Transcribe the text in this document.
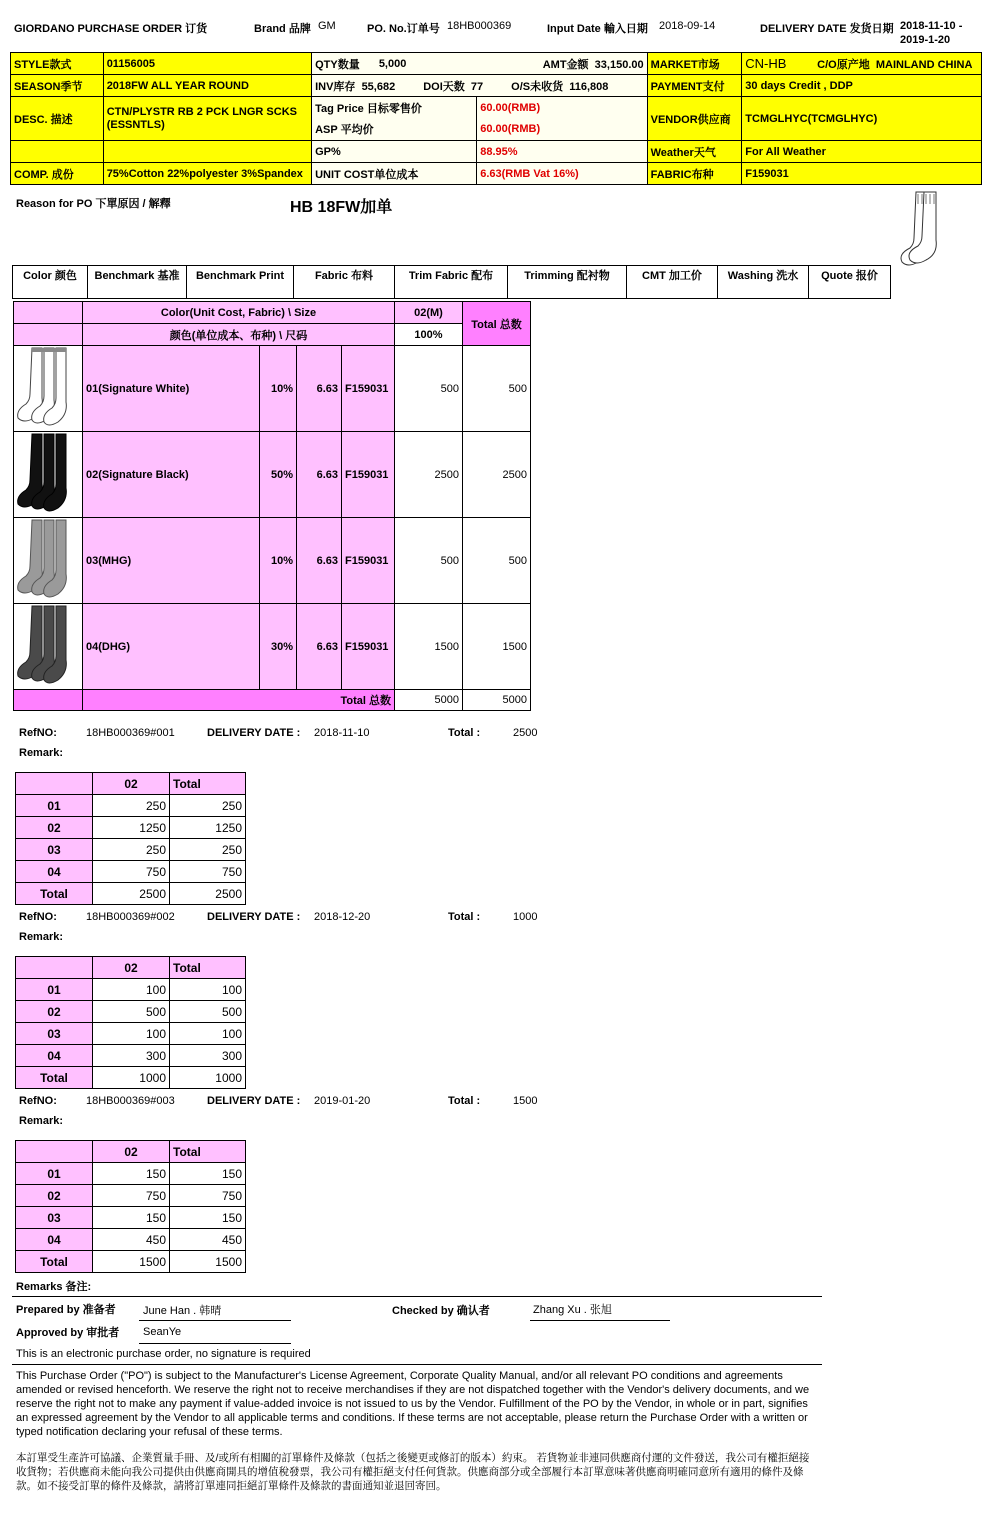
GIORDANO PURCHASE ORDER 订货	Brand 品牌 GM	PO. No.订单号 18HB000369	Input Date 輸入日期 2018-09-14	DELIVERY DATE 发货日期 2018-11-10 -
2019-1-20
STYLE款式	01156005	QTY数量	5,000	AMT金额 33,150.00	MARKET市场	CN-HB	C/O原产地 MAINLAND CHINA
SEASON季节	2018FW ALL YEAR ROUND	INV库存 55,682 DOI天数 77 O/S未收货 116,808			PAYMENT支付	30 days Credit , DDP	
DESC. 描述	CTN/PLYSTR RB 2 PCK LNGR SCKS (ESSNTLS)	Tag Price 目标零售价		60.00(RMB)	VENDOR供应商	TCMGLHYC(TCMGLHYC)	
		ASP 平均价		60.00(RMB)			
		GP%		88.95%	Weather天气	For All Weather	
COMP. 成份	75%Cotton 22%polyester 3%Spandex	UNIT COST单位成本		6.63(RMB Vat 16%)	FABRIC布种	F159031	
Reason for PO 下單原因 / 解釋	HB 18FW加单
Color 颜色	Benchmark 基准	Benchmark Print	Fabric 布料	Trim Fabric 配布	Trimming 配衬物	CMT 加工价	Washing 洗水	Quote 报价
	Color(Unit Cost, Fabric) \ Size				02(M)	Total 总数
	颜色(单位成本、布种) \ 尺码				100%	
	01(Signature White)	10%	6.63	F159031	500	500
	02(Signature Black)	50%	6.63	F159031	2500	2500
	03(MHG)	10%	6.63	F159031	500	500
	04(DHG)	30%	6.63	F159031	1500	1500
	Total 总数				5000	5000
RefNO:	18HB000369#001	DELIVERY DATE : 2018-11-10	Total :	2500
Remark:
	02	Total
01	250	250
02	1250	1250
03	250	250
04	750	750
Total	2500	2500
RefNO:	18HB000369#002	DELIVERY DATE : 2018-12-20	Total :	1000
Remark:
	02	Total
01	100	100
02	500	500
03	100	100
04	300	300
Total	1000	1000
RefNO:	18HB000369#003	DELIVERY DATE : 2019-01-20	Total :	1500
Remark:
	02	Total
01	150	150
02	750	750
03	150	150
04	450	450
Total	1500	1500
Remarks 备注:
Prepared by 准备者 June Han . 韩晴	Checked by 确认者	Zhang Xu . 张旭
Approved by 审批者 SeanYe
This is an electronic purchase order, no signature is required
This Purchase Order ("PO") is subject to the Manufacturer's License Agreement, Corporate Quality Manual, and/or all relevant PO conditions and agreements amended or revised henceforth. We reserve the right not to receive merchandises if they are not dispatched together with the Vendor's delivery documents, and we reserve the right not to make any payment if value-added invoice is not issued to us by the Vendor. Fulfillment of the PO by the Vendor, in whole or in part, signifies an expressed agreement by the Vendor to all applicable terms and conditions. If these terms are not acceptable, please return the Purchase Order with a written or typed notification declaring your refusal of these terms.
本訂單受生產許可協議、企業質量手冊、及/或所有相關的訂單條件及條款（包括之後變更或修訂的版本）約束。 若貨物並非連同供應商付運的文件發送，我公司有權拒絕接收貨物；若供應商未能向我公司提供由供應商開具的增值稅發票，我公司有權拒絕支付任何貨款。供應商部分或全部履行本訂單意味著供應商明確同意所有適用的條件及條款。如不接受訂單的條件及條款，請將訂單連同拒絕訂單條件及條款的書面通知並退回寄回。
